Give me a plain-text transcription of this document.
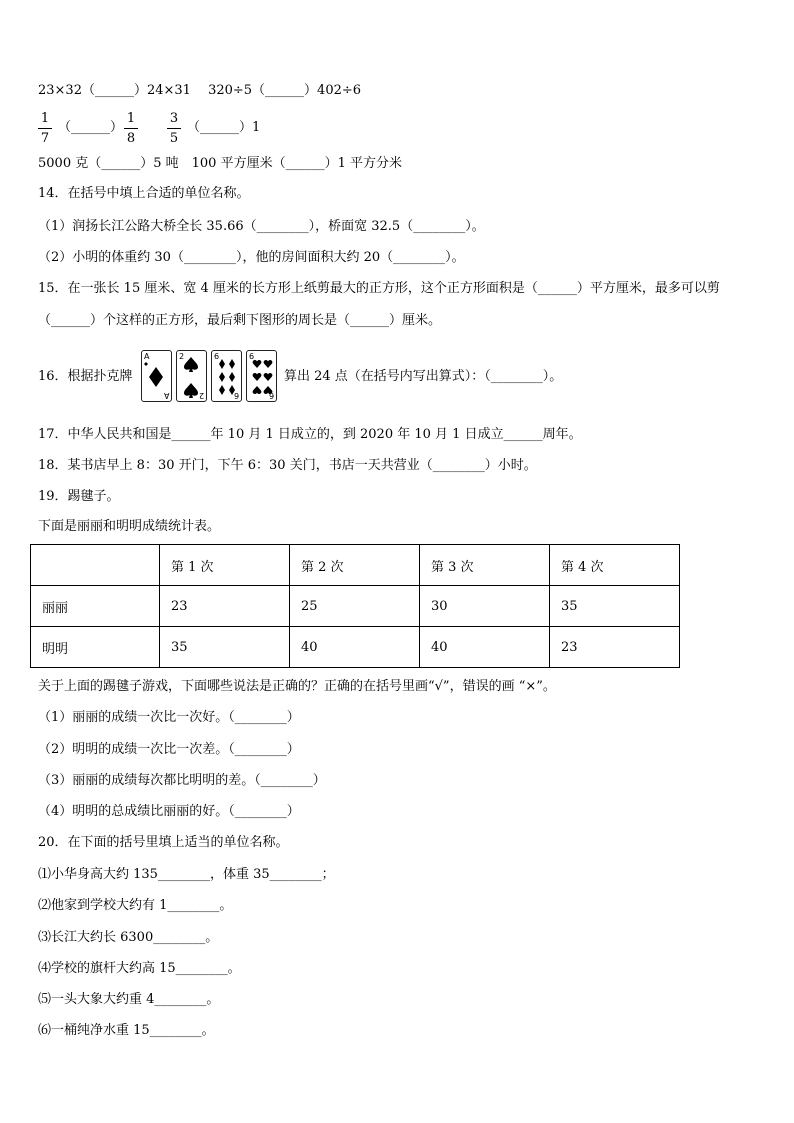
23×32（______）24×31　 320÷5（______）402÷6
1
7
（______）
1
8
3
5
（______）1
5000 克（______）5 吨　100 平方厘米（______）1 平方分米
14．在括号中填上合适的单位名称。
（1）润扬长江公路大桥全长 35.66（________），桥面宽 32.5（________）。
（2）小明的体重约 30（________），他的房间面积大约 20（________）。
15．在一张长 15 厘米、宽 4 厘米的长方形上纸剪最大的正方形，这个正方形面积是（______）平方厘米，最多可以剪
（______）个这样的正方形，最后剩下图形的周长是（______）厘米。
16．根据扑克牌
A
A
2
2
6
6
6
6
算出 24 点（在括号内写出算式）：（________）。
17．中华人民共和国是______年 10 月 1 日成立的，到 2020 年 10 月 1 日成立______周年。
18．某书店早上 8：30 开门，下午 6：30 关门，书店一天共营业（________）小时。
19．踢毽子。
下面是丽丽和明明成绩统计表。
	第 1 次	第 2 次	第 3 次	第 4 次
丽丽	23	25	30	35
明明	35	40	40	23
关于上面的踢毽子游戏，下面哪些说法是正确的？正确的在括号里画“√”，错误的画 “×”。
（1）丽丽的成绩一次比一次好。（________）
（2）明明的成绩一次比一次差。（________）
（3）丽丽的成绩每次都比明明的差。（________）
（4）明明的总成绩比丽丽的好。（________）
20．在下面的括号里填上适当的单位名称。
⑴小华身高大约 135________，体重 35________；
⑵他家到学校大约有 1________。
⑶长江大约长 6300________。
⑷学校的旗杆大约高 15________。
⑸一头大象大约重 4________。
⑹一桶纯净水重 15________。
